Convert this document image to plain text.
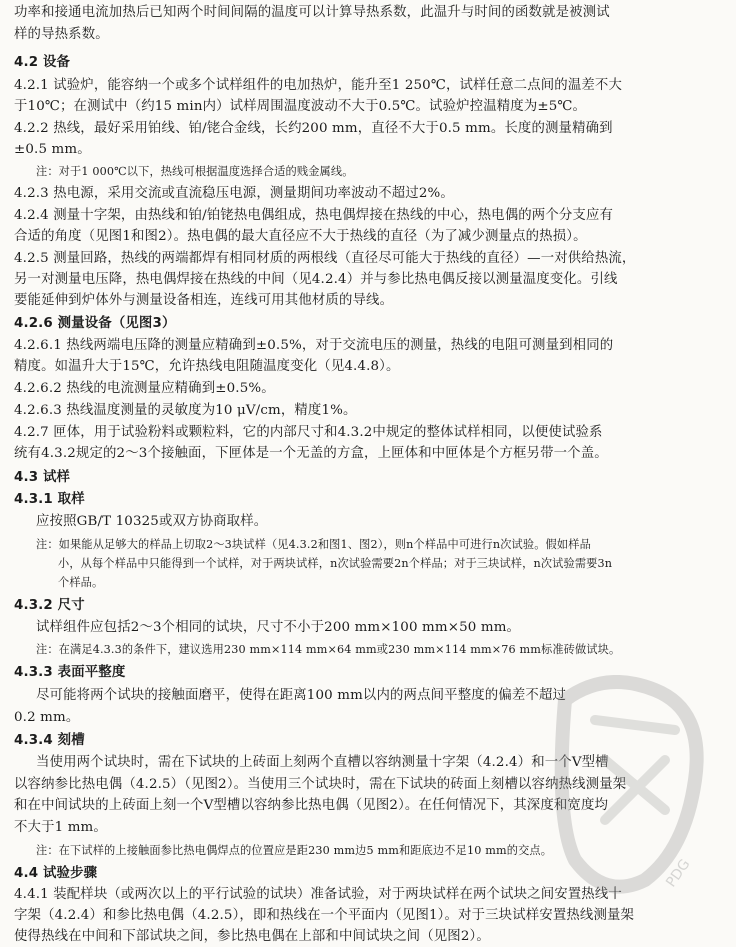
功率和接通电流加热后已知两个时间间隔的温度可以计算导热系数，此温升与时间的函数就是被测试
样的导热系数。
4.2 设备
4.2.1 试验炉，能容纳一个或多个试样组件的电加热炉，能升至1 250℃，试样任意二点间的温差不大
于10℃；在测试中（约15 min内）试样周围温度波动不大于0.5℃。试验炉控温精度为±5℃。
4.2.2 热线，最好采用铂线、铂/铑合金线，长约200 mm，直径不大于0.5 mm。长度的测量精确到
±0.5 mm。
注：对于1 000℃以下，热线可根据温度选择合适的贱金属线。
4.2.3 热电源，采用交流或直流稳压电源，测量期间功率波动不超过2%。
4.2.4 测量十字架，由热线和铂/铂铑热电偶组成，热电偶焊接在热线的中心，热电偶的两个分支应有
合适的角度（见图1和图2）。热电偶的最大直径应不大于热线的直径（为了减少测量点的热损）。
4.2.5 测量回路，热线的两端都焊有相同材质的两根线（直径尽可能大于热线的直径）—一对供给热流，
另一对测量电压降，热电偶焊接在热线的中间（见4.2.4）并与参比热电偶反接以测量温度变化。引线
要能延伸到炉体外与测量设备相连，连线可用其他材质的导线。
4.2.6 测量设备（见图3）
4.2.6.1 热线两端电压降的测量应精确到±0.5%，对于交流电压的测量，热线的电阻可测量到相同的
精度。如温升大于15℃，允许热线电阻随温度变化（见4.4.8）。
4.2.6.2 热线的电流测量应精确到±0.5%。
4.2.6.3 热线温度测量的灵敏度为10 μV/cm，精度1%。
4.2.7 匣体，用于试验粉料或颗粒料，它的内部尺寸和4.3.2中规定的整体试样相同，以便使试验系
统有4.3.2规定的2～3个接触面，下匣体是一个无盖的方盒，上匣体和中匣体是个方框另带一个盖。
4.3 试样
4.3.1 取样
应按照GB/T 10325或双方协商取样。
注：如果能从足够大的样品上切取2～3块试样（见4.3.2和图1、图2），则n个样品中可进行n次试验。假如样品
小，从每个样品中只能得到一个试样，对于两块试样，n次试验需要2n个样品；对于三块试样，n次试验需要3n
个样品。
4.3.2 尺寸
试样组件应包括2～3个相同的试块，尺寸不小于200 mm×100 mm×50 mm。
注：在满足4.3.3的条件下，建议选用230 mm×114 mm×64 mm或230 mm×114 mm×76 mm标准砖做试块。
4.3.3 表面平整度
尽可能将两个试块的接触面磨平，使得在距离100 mm以内的两点间平整度的偏差不超过
0.2 mm。
4.3.4 刻槽
当使用两个试块时，需在下试块的上砖面上刻两个直槽以容纳测量十字架（4.2.4）和一个V型槽
以容纳参比热电偶（4.2.5）（见图2）。当使用三个试块时，需在下试块的砖面上刻槽以容纳热线测量架
和在中间试块的上砖面上刻一个V型槽以容纳参比热电偶（见图2）。在任何情况下，其深度和宽度均
不大于1 mm。
注：在下试样的上接触面参比热电偶焊点的位置应是距230 mm边5 mm和距底边不足10 mm的交点。
4.4 试验步骤
4.4.1 装配样块（或两次以上的平行试验的试块）准备试验，对于两块试样在两个试块之间安置热线十
字架（4.2.4）和参比热电偶（4.2.5），即和热线在一个平面内（见图1）。对于三块试样安置热线测量架
使得热线在中间和下部试块之间，参比热电偶在上部和中间试块之间（见图2）。
PDG
